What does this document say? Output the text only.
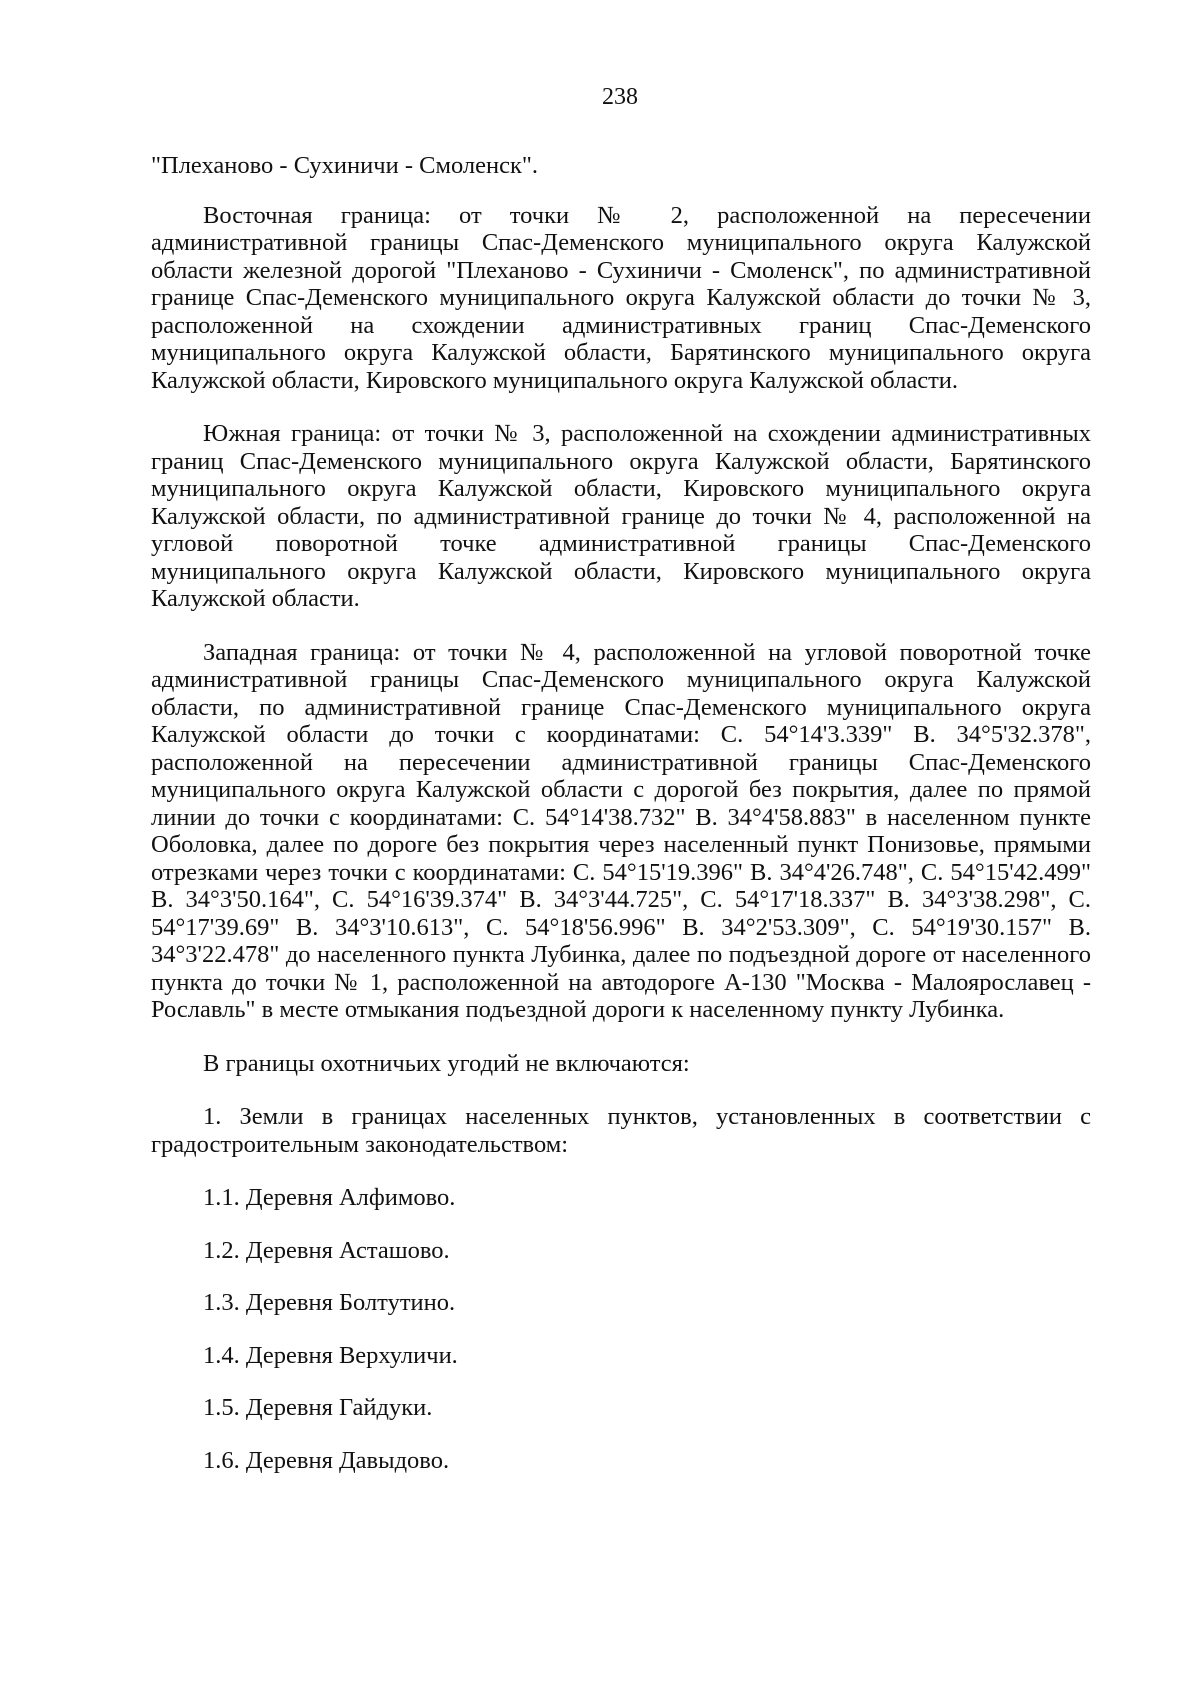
238

"Плеханово - Сухиничи - Смоленск".

Восточная граница: от точки № 2, расположенной на пересечении административной границы Спас-Деменского муниципального округа Калужской области железной дорогой "Плеханово - Сухиничи - Смоленск", по административной границе Спас-Деменского муниципального округа Калужской области до точки № 3, расположенной на схождении административных границ Спас-Деменского муниципального округа Калужской области, Барятинского муниципального округа Калужской области, Кировского муниципального округа Калужской области.

Южная граница: от точки № 3, расположенной на схождении административных границ Спас-Деменского муниципального округа Калужской области, Барятинского муниципального округа Калужской области, Кировского муниципального округа Калужской области, по административной границе до точки № 4, расположенной на угловой поворотной точке административной границы Спас-Деменского муниципального округа Калужской области, Кировского муниципального округа Калужской области.

Западная граница: от точки № 4, расположенной на угловой поворотной точке административной границы Спас-Деменского муниципального округа Калужской области, по административной границе Спас-Деменского муниципального округа Калужской области до точки с координатами: С. 54°14'3.339" В. 34°5'32.378", расположенной на пересечении административной границы Спас-Деменского муниципального округа Калужской области с дорогой без покрытия, далее по прямой линии до точки с координатами: С. 54°14'38.732" В. 34°4'58.883" в населенном пункте Оболовка, далее по дороге без покрытия через населенный пункт Понизовье, прямыми отрезками через точки с координатами: С. 54°15'19.396" В. 34°4'26.748", С. 54°15'42.499" В. 34°3'50.164", С. 54°16'39.374" В. 34°3'44.725", С. 54°17'18.337" В. 34°3'38.298", С. 54°17'39.69" В. 34°3'10.613", С. 54°18'56.996" В. 34°2'53.309", С. 54°19'30.157" В. 34°3'22.478" до населенного пункта Лубинка, далее по подъездной дороге от населенного пункта до точки № 1, расположенной на автодороге А-130 "Москва - Малоярославец - Рославль" в месте отмыкания подъездной дороги к населенному пункту Лубинка.

В границы охотничьих угодий не включаются:

1. Земли в границах населенных пунктов, установленных в соответствии с градостроительным законодательством:

1.1. Деревня Алфимово.

1.2. Деревня Асташово.

1.3. Деревня Болтутино.

1.4. Деревня Верхуличи.

1.5. Деревня Гайдуки.

1.6. Деревня Давыдово.
